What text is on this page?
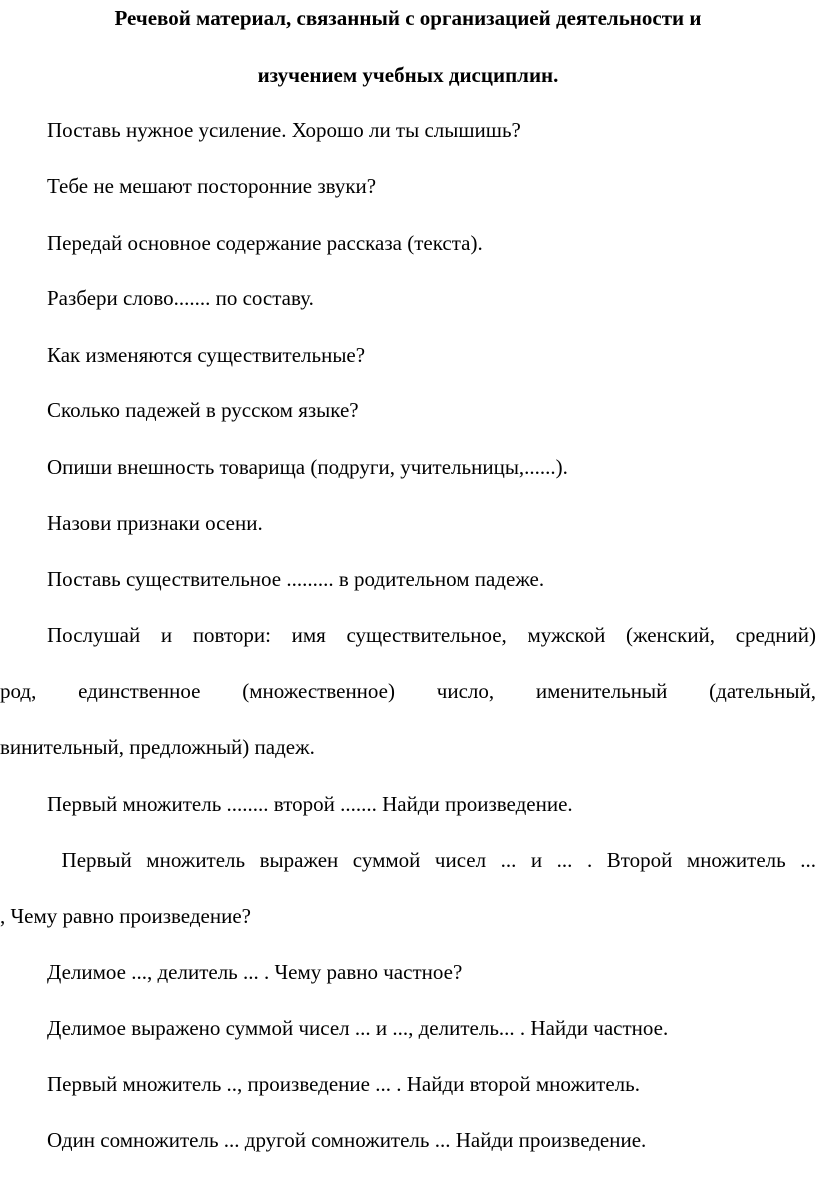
Речевой материал, связанный с организацией деятельности и
изучением учебных дисциплин.
Поставь нужное усиление. Хорошо ли ты слышишь?
Тебе не мешают посторонние звуки?
Передай основное содержание рассказа (текста).
Разбери слово....... по составу.
Как изменяются существительные?
Сколько падежей в русском языке?
Опиши внешность товарища (подруги, учительницы,......).
Назови признаки осени.
Поставь существительное ......... в родительном падеже.
Послушай и повтори: имя существительное, мужской (женский, средний)
род, единственное (множественное) число, именительный (дательный,
винительный, предложный) падеж.
Первый множитель ........ второй ....... Найди произведение.
Первый множитель выражен суммой чисел ... и ... . Второй множитель ...
, Чему равно произведение?
Делимое ..., делитель ... . Чему равно частное?
Делимое выражено суммой чисел ... и ..., делитель... . Найди частное.
Первый множитель .., произведение ... . Найди второй множитель.
Один сомножитель ... другой сомножитель ... Найди произведение.
